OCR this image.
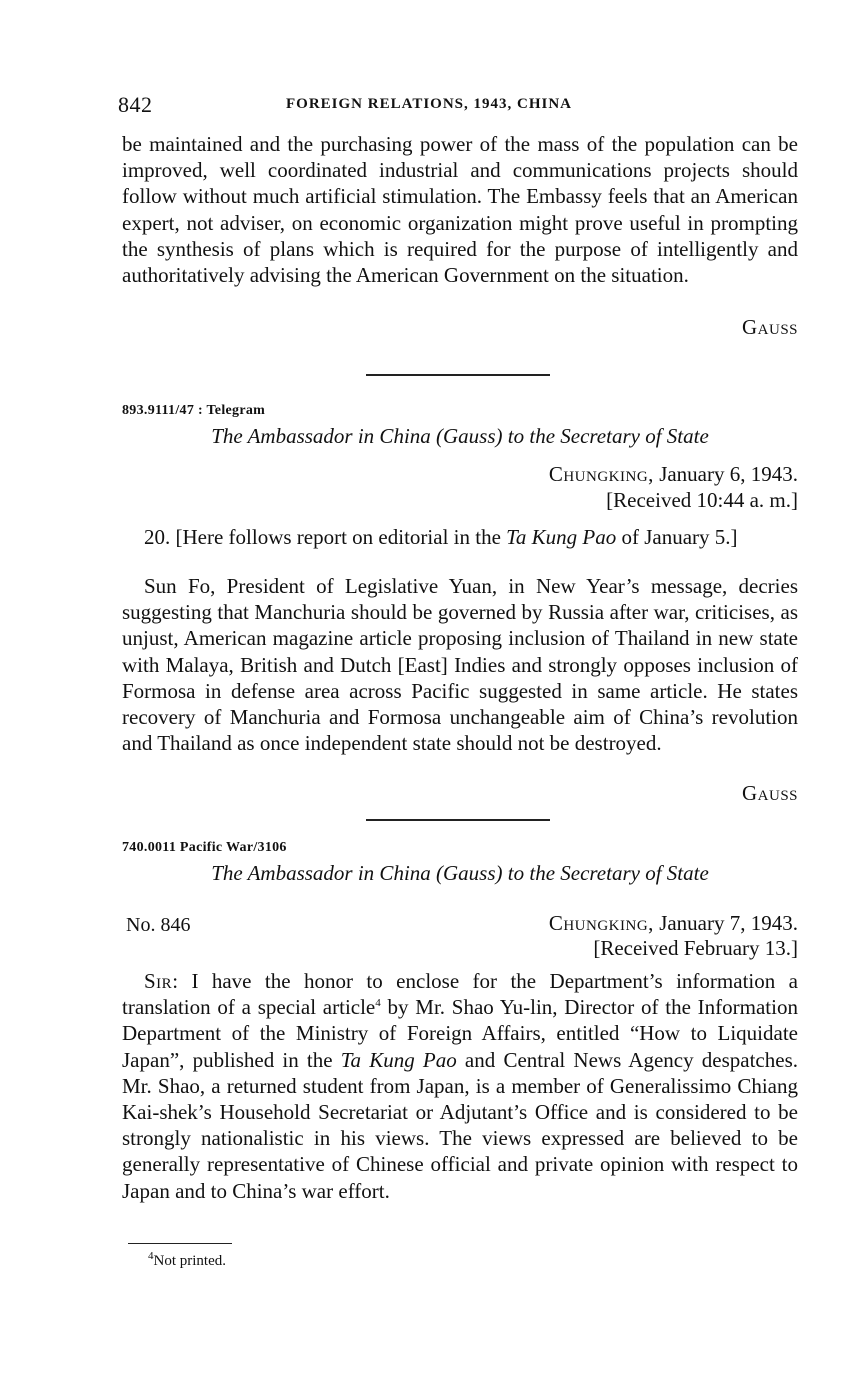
842	FOREIGN RELATIONS, 1943, CHINA
be maintained and the purchasing power of the mass of the population can be improved, well coordinated industrial and communications projects should follow without much artificial stimulation. The Embassy feels that an American expert, not adviser, on economic organization might prove useful in prompting the synthesis of plans which is required for the purpose of intelligently and authoritatively advising the American Government on the situation.
Gauss
893.9111/47 : Telegram
The Ambassador in China (Gauss) to the Secretary of State
Chungking, January 6, 1943.
[Received 10:44 a. m.]
20. [Here follows report on editorial in the Ta Kung Pao of January 5.]
Sun Fo, President of Legislative Yuan, in New Year’s message, decries suggesting that Manchuria should be governed by Russia after war, criticises, as unjust, American magazine article proposing inclusion of Thailand in new state with Malaya, British and Dutch [East] Indies and strongly opposes inclusion of Formosa in defense area across Pacific suggested in same article. He states recovery of Manchuria and Formosa unchangeable aim of China’s revolution and Thailand as once independent state should not be destroyed.
Gauss
740.0011 Pacific War/3106
The Ambassador in China (Gauss) to the Secretary of State
No. 846	Chungking, January 7, 1943.
[Received February 13.]
Sir: I have the honor to enclose for the Department’s information a translation of a special article$^4$ by Mr. Shao Yu-lin, Director of the Information Department of the Ministry of Foreign Affairs, entitled “How to Liquidate Japan”, published in the Ta Kung Pao and Central News Agency despatches. Mr. Shao, a returned student from Japan, is a member of Generalissimo Chiang Kai-shek’s Household Secretariat or Adjutant’s Office and is considered to be strongly nationalistic in his views. The views expressed are believed to be generally representative of Chinese official and private opinion with respect to Japan and to China’s war effort.
$^4$Not printed.
